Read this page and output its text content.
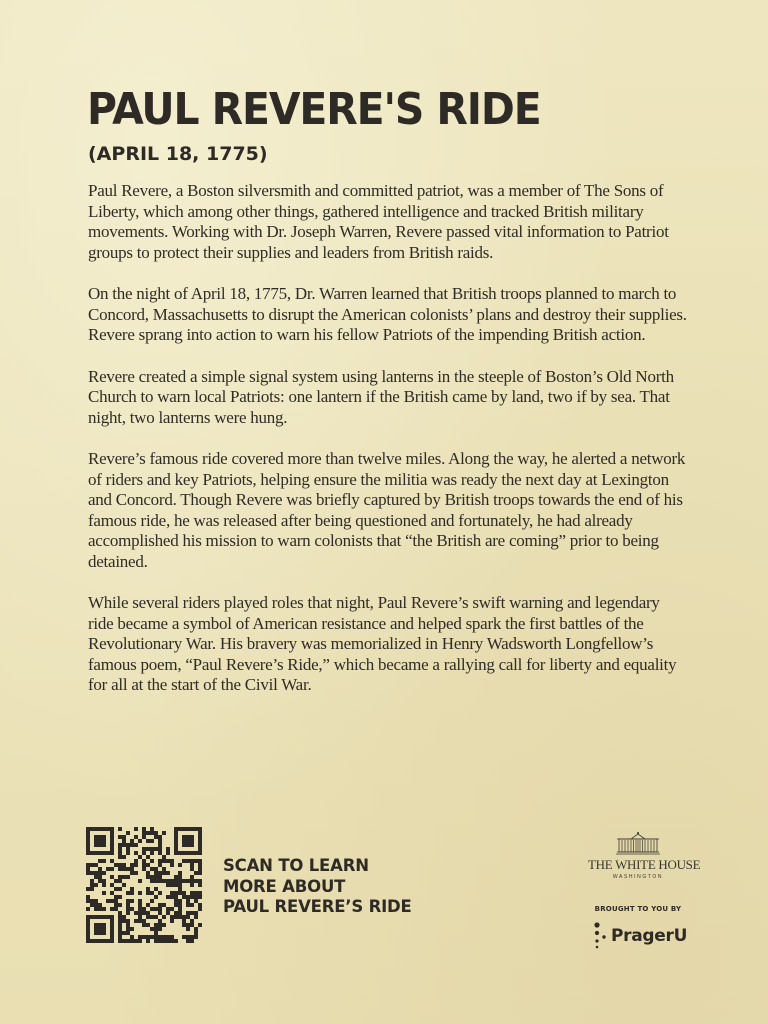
PAUL REVERE'S RIDE
(APRIL 18, 1775)

Paul Revere, a Boston silversmith and committed patriot, was a member of The Sons of Liberty, which among other things, gathered intelligence and tracked British military movements. Working with Dr. Joseph Warren, Revere passed vital information to Patriot groups to protect their supplies and leaders from British raids.

On the night of April 18, 1775, Dr. Warren learned that British troops planned to march to Concord, Massachusetts to disrupt the American colonists’ plans and destroy their supplies. Revere sprang into action to warn his fellow Patriots of the impending British action.

Revere created a simple signal system using lanterns in the steeple of Boston’s Old North Church to warn local Patriots: one lantern if the British came by land, two if by sea. That night, two lanterns were hung.

Revere’s famous ride covered more than twelve miles. Along the way, he alerted a network of riders and key Patriots, helping ensure the militia was ready the next day at Lexington and Concord. Though Revere was briefly captured by British troops towards the end of his famous ride, he was released after being questioned and fortunately, he had already accomplished his mission to warn colonists that “the British are coming” prior to being detained.

While several riders played roles that night, Paul Revere’s swift warning and legendary ride became a symbol of American resistance and helped spark the first battles of the Revolutionary War. His bravery was memorialized in Henry Wadsworth Longfellow’s famous poem, “Paul Revere’s Ride,” which became a rallying call for liberty and equality for all at the start of the Civil War.

SCAN TO LEARN
MORE ABOUT
PAUL REVERE’S RIDE
THE WHITE HOUSE
WASHINGTON
BROUGHT TO YOU BY
PragerU
